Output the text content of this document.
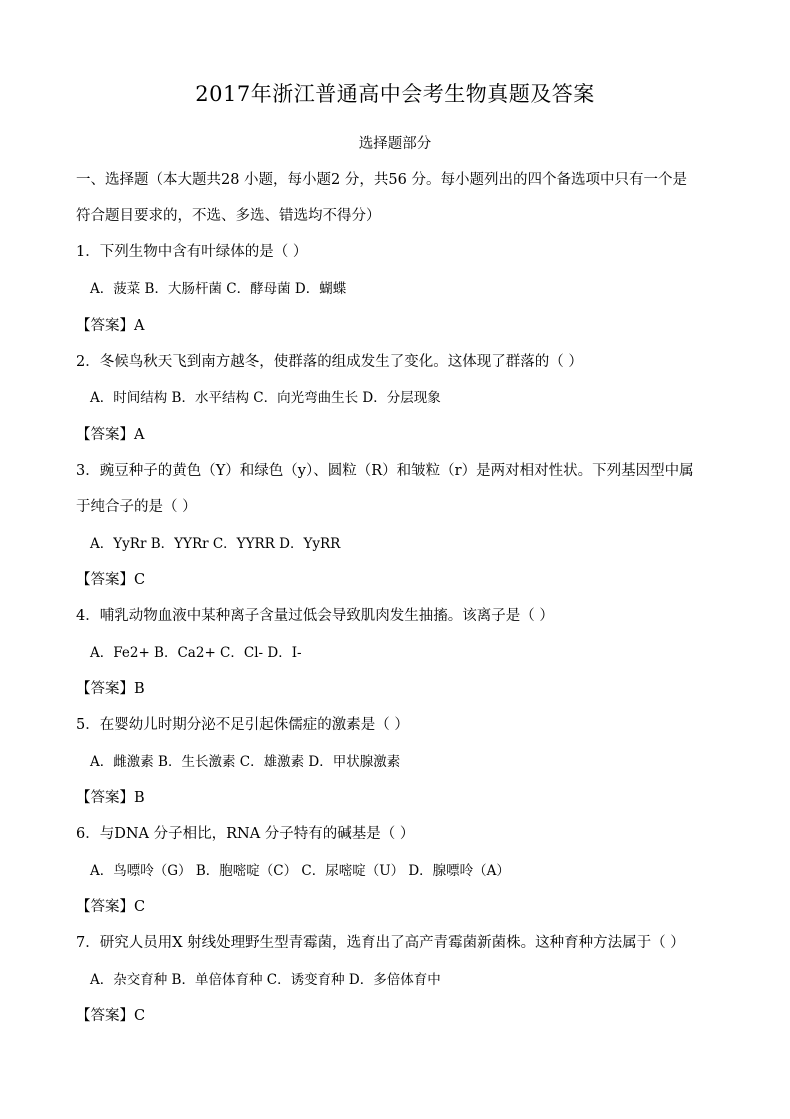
2017年浙江普通高中会考生物真题及答案
选择题部分
一、选择题（本大题共28 小题，每小题2 分，共56 分。每小题列出的四个备选项中只有一个是
符合题目要求的，不选、多选、错选均不得分）
1．下列生物中含有叶绿体的是（ ）
A．菠菜 B．大肠杆菌 C．酵母菌 D．蝴蝶
【答案】A
2．冬候鸟秋天飞到南方越冬，使群落的组成发生了变化。这体现了群落的（ ）
A．时间结构 B．水平结构 C．向光弯曲生长 D．分层现象
【答案】A
3．豌豆种子的黄色（Y）和绿色（y）、圆粒（R）和皱粒（r）是两对相对性状。下列基因型中属
于纯合子的是（ ）
A．YyRr B．YYRr C．YYRR D．YyRR
【答案】C
4．哺乳动物血液中某种离子含量过低会导致肌肉发生抽搐。该离子是（ ）
A．Fe2+ B．Ca2+ C．Cl- D．I-
【答案】B
5．在婴幼儿时期分泌不足引起侏儒症的激素是（ ）
A．雌激素 B．生长激素 C．雄激素 D．甲状腺激素
【答案】B
6．与DNA 分子相比，RNA 分子特有的碱基是（ ）
A．鸟嘌呤（G） B．胞嘧啶（C） C．尿嘧啶（U） D．腺嘌呤（A）
【答案】C
7．研究人员用X 射线处理野生型青霉菌，选育出了高产青霉菌新菌株。这种育种方法属于（ ）
A．杂交育种 B．单倍体育种 C．诱变育种 D．多倍体育中
【答案】C
